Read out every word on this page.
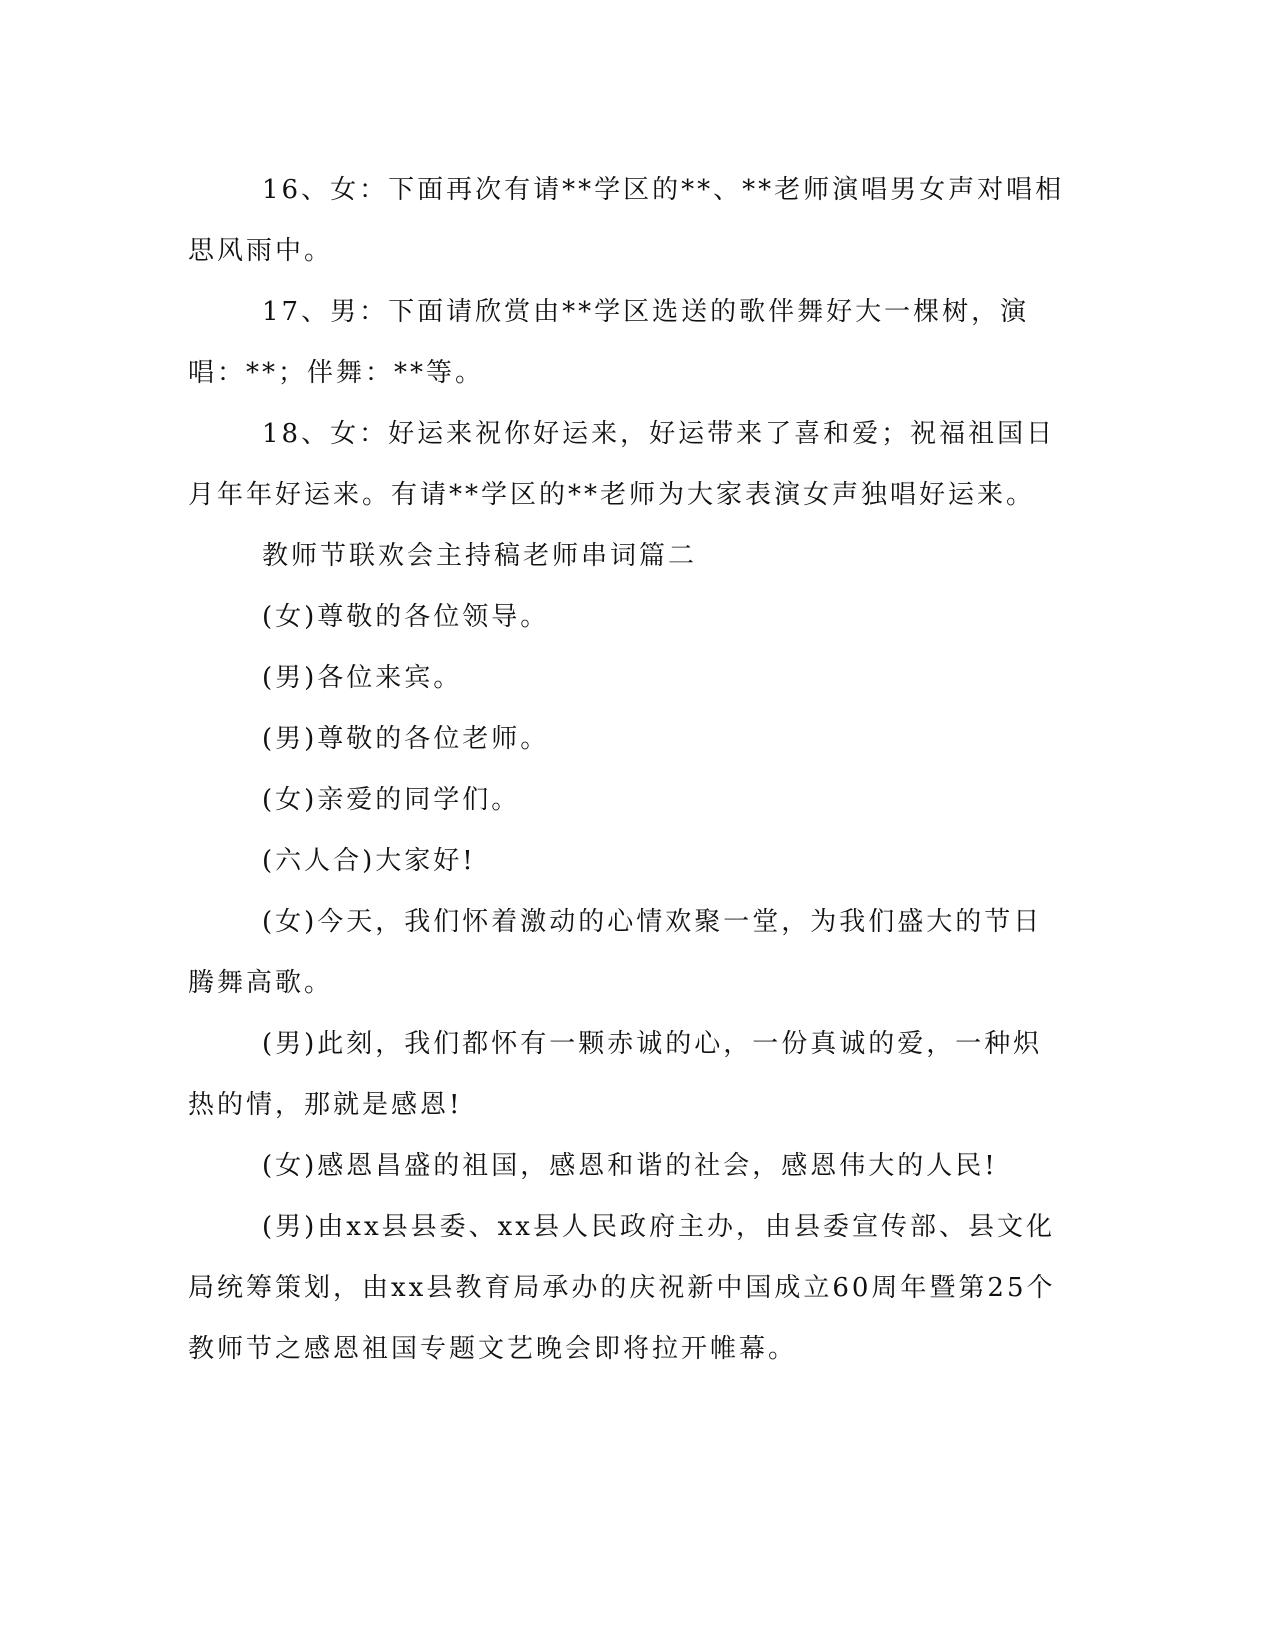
16、女：下面再次有请**学区的**、**老师演唱男女声对唱相思风雨中。

17、男：下面请欣赏由**学区选送的歌伴舞好大一棵树，演唱：**；伴舞：**等。

18、女：好运来祝你好运来，好运带来了喜和爱；祝福祖国日月年年好运来。有请**学区的**老师为大家表演女声独唱好运来。

教师节联欢会主持稿老师串词篇二

(女)尊敬的各位领导。

(男)各位来宾。

(男)尊敬的各位老师。

(女)亲爱的同学们。

(六人合)大家好!

(女)今天，我们怀着激动的心情欢聚一堂，为我们盛大的节日腾舞高歌。

(男)此刻，我们都怀有一颗赤诚的心，一份真诚的爱，一种炽热的情，那就是感恩!

(女)感恩昌盛的祖国，感恩和谐的社会，感恩伟大的人民!

(男)由xx县县委、xx县人民政府主办，由县委宣传部、县文化局统筹策划，由xx县教育局承办的庆祝新中国成立60周年暨第25个教师节之感恩祖国专题文艺晚会即将拉开帷幕。
